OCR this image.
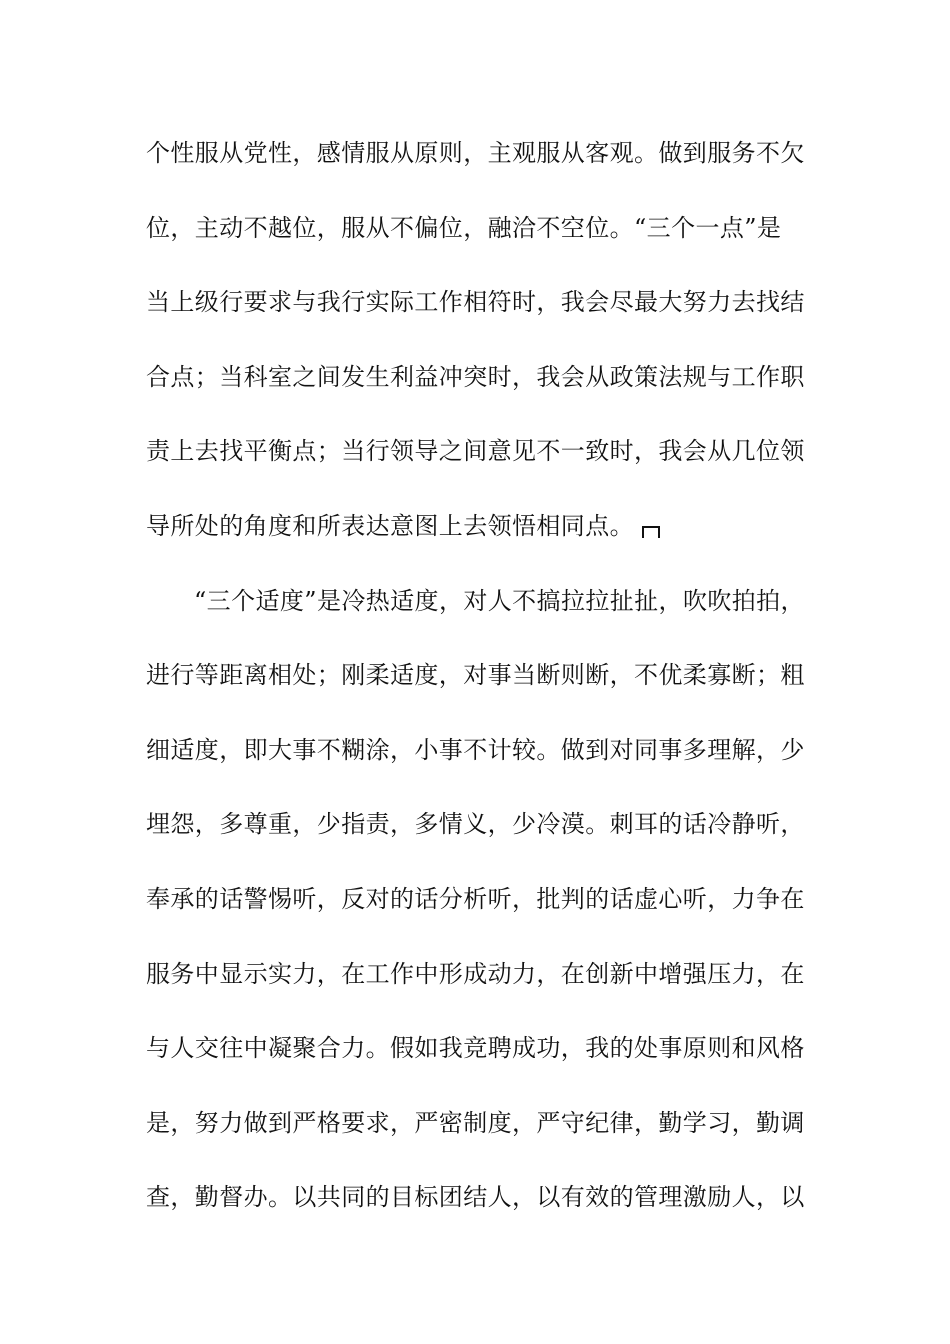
个性服从党性，感情服从原则，主观服从客观。做到服务不欠
位，主动不越位，服从不偏位，融洽不空位。“三个一点”是
当上级行要求与我行实际工作相符时，我会尽最大努力去找结
合点；当科室之间发生利益冲突时，我会从政策法规与工作职
责上去找平衡点；当行领导之间意见不一致时，我会从几位领
导所处的角度和所表达意图上去领悟相同点。
“三个适度”是冷热适度，对人不搞拉拉扯扯，吹吹拍拍，
进行等距离相处；刚柔适度，对事当断则断，不优柔寡断；粗
细适度，即大事不糊涂，小事不计较。做到对同事多理解，少
埋怨，多尊重，少指责，多情义，少冷漠。刺耳的话冷静听，
奉承的话警惕听，反对的话分析听，批判的话虚心听，力争在
服务中显示实力，在工作中形成动力，在创新中增强压力，在
与人交往中凝聚合力。假如我竞聘成功，我的处事原则和风格
是，努力做到严格要求，严密制度，严守纪律，勤学习，勤调
查，勤督办。以共同的目标团结人，以有效的管理激励人，以
